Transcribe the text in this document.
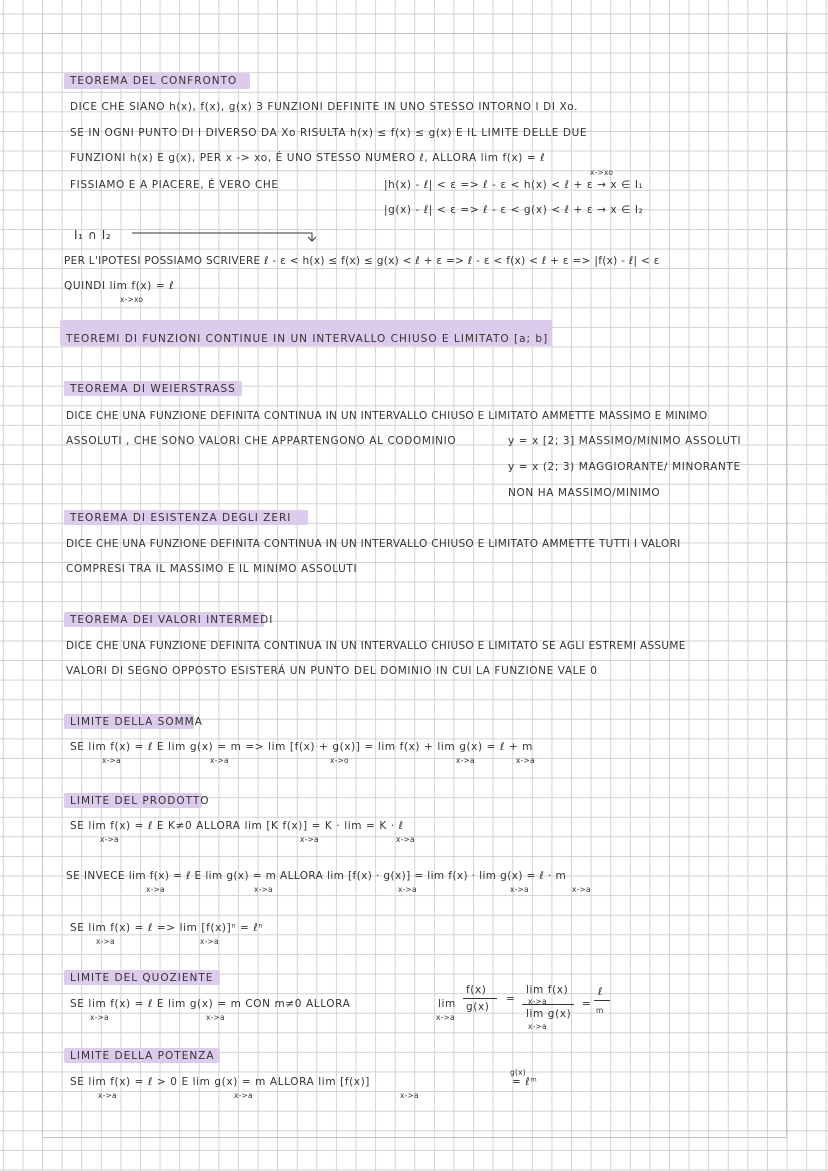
TEOREMA DEL CONFRONTO
DICE CHE SIANO h(x), f(x), g(x) 3 FUNZIONI DEFINITE IN UNO STESSO INTORNO I DI Xo.
SE IN OGNI PUNTO DI I DIVERSO DA Xo RISULTA h(x) ≤ f(x) ≤ g(x) E IL LIMITE DELLE DUE
FUNZIONI h(x) E g(x), PER x -> xo, É UNO STESSO NUMERO ℓ, ALLORA lim f(x) = ℓ
x->xo
FISSIAMO E A PIACERE, É VERO CHE	|h(x) - ℓ| < ε => ℓ - ε < h(x) < ℓ + ε → x ∈ I₁
|g(x) - ℓ| < ε => ℓ - ε < g(x) < ℓ + ε → x ∈ I₂
I₁ ∩ I₂
PER L'IPOTESI POSSIAMO SCRIVERE ℓ - ε < h(x) ≤ f(x) ≤ g(x) < ℓ + ε => ℓ - ε < f(x) < ℓ + ε => |f(x) - ℓ| < ε
QUINDI lim f(x) = ℓ
x->xo
TEOREMI DI FUNZIONI CONTINUE IN UN INTERVALLO CHIUSO E LIMITATO [a; b]
TEOREMA DI WEIERSTRASS
DICE CHE UNA FUNZIONE DEFINITA CONTINUA IN UN INTERVALLO CHIUSO E LIMITATO AMMETTE MASSIMO E MINIMO
ASSOLUTI , CHE SONO VALORI CHE APPARTENGONO AL CODOMINIO	y = x [2; 3] MASSIMO/MINIMO ASSOLUTI
y = x (2; 3) MAGGIORANTE/ MINORANTE
NON HA MASSIMO/MINIMO
TEOREMA DI ESISTENZA DEGLI ZERI
DICE CHE UNA FUNZIONE DEFINITA CONTINUA IN UN INTERVALLO CHIUSO E LIMITATO AMMETTE TUTTI I VALORI
COMPRESI TRA IL MASSIMO E IL MINIMO ASSOLUTI
TEOREMA DEI VALORI INTERMEDI
DICE CHE UNA FUNZIONE DEFINITA CONTINUA IN UN INTERVALLO CHIUSO E LIMITATO SE AGLI ESTREMI ASSUME
VALORI DI SEGNO OPPOSTO ESISTERÁ UN PUNTO DEL DOMINIO IN CUI LA FUNZIONE VALE 0
LIMITE DELLA SOMMA
SE lim f(x) = ℓ E lim g(x) = m => lim [f(x) + g(x)] = lim f(x) + lim g(x) = ℓ + m
x->a	x->a	x->o	x->a	x->a
LIMITE DEL PRODOTTO
SE lim f(x) = ℓ E K≠0 ALLORA lim [K f(x)] = K · lim = K · ℓ
x->a	x->a	x->a
SE INVECE lim f(x) = ℓ E lim g(x) = m ALLORA lim [f(x) · g(x)] = lim f(x) · lim g(x) = ℓ · m
x->a	x->a	x->a	x->a	x->a
SE lim f(x) = ℓ => lim [f(x)]ⁿ = ℓⁿ
x->a	x->a
LIMITE DEL QUOZIENTE
SE lim f(x) = ℓ E lim g(x) = m CON m≠0 ALLORA
x->a	x->a
lim
x->a
f(x)
g(x)
=
lim f(x)
x->a
lim g(x)
x->a
=
ℓ
m
LIMITE DELLA POTENZA
SE lim f(x) = ℓ > 0 E lim g(x) = m ALLORA lim [f(x)]
x->a	x->a	x->a
g(x)
= ℓᵐ
